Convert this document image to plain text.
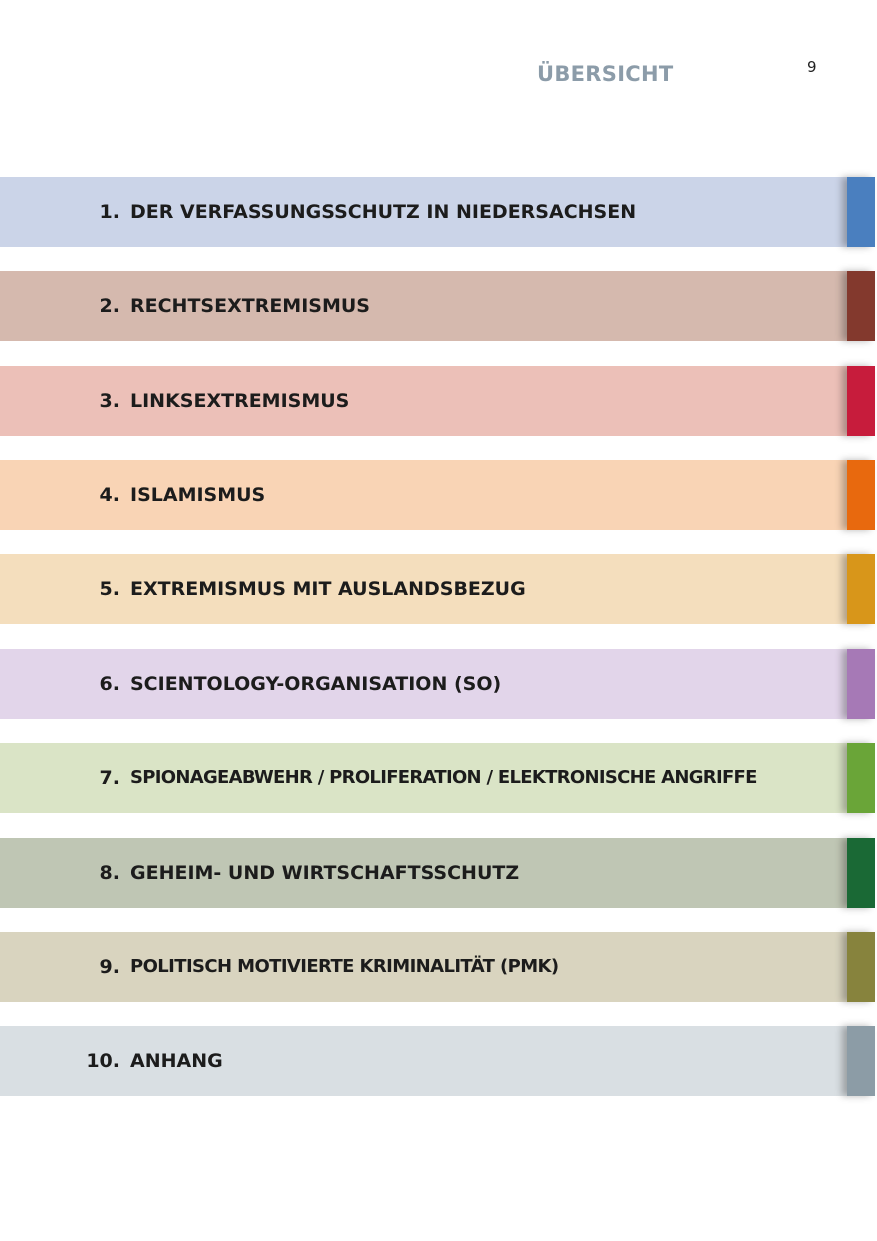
ÜBERSICHT	9
1. DER VERFASSUNGSSCHUTZ IN NIEDERSACHSEN
2. RECHTSEXTREMISMUS
3. LINKSEXTREMISMUS
4. ISLAMISMUS
5. EXTREMISMUS MIT AUSLANDSBEZUG
6. SCIENTOLOGY-ORGANISATION (SO)
7. SPIONAGEABWEHR / PROLIFERATION / ELEKTRONISCHE ANGRIFFE
8. GEHEIM- UND WIRTSCHAFTSSCHUTZ
9. POLITISCH MOTIVIERTE KRIMINALITÄT (PMK)
10. ANHANG
